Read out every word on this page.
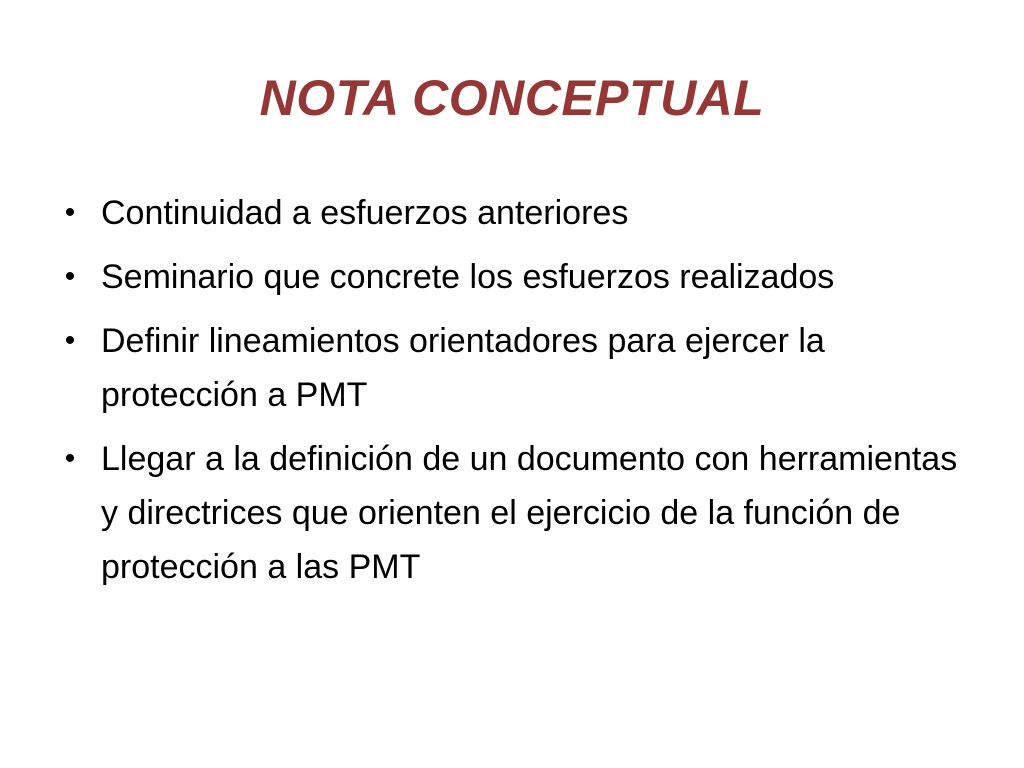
NOTA CONCEPTUAL
• Continuidad a esfuerzos anteriores
• Seminario que concrete los esfuerzos realizados
• Definir lineamientos orientadores para ejercer la protección a PMT
• Llegar a la definición de un documento con herramientas y directrices que orienten el ejercicio de la función de protección a las PMT
